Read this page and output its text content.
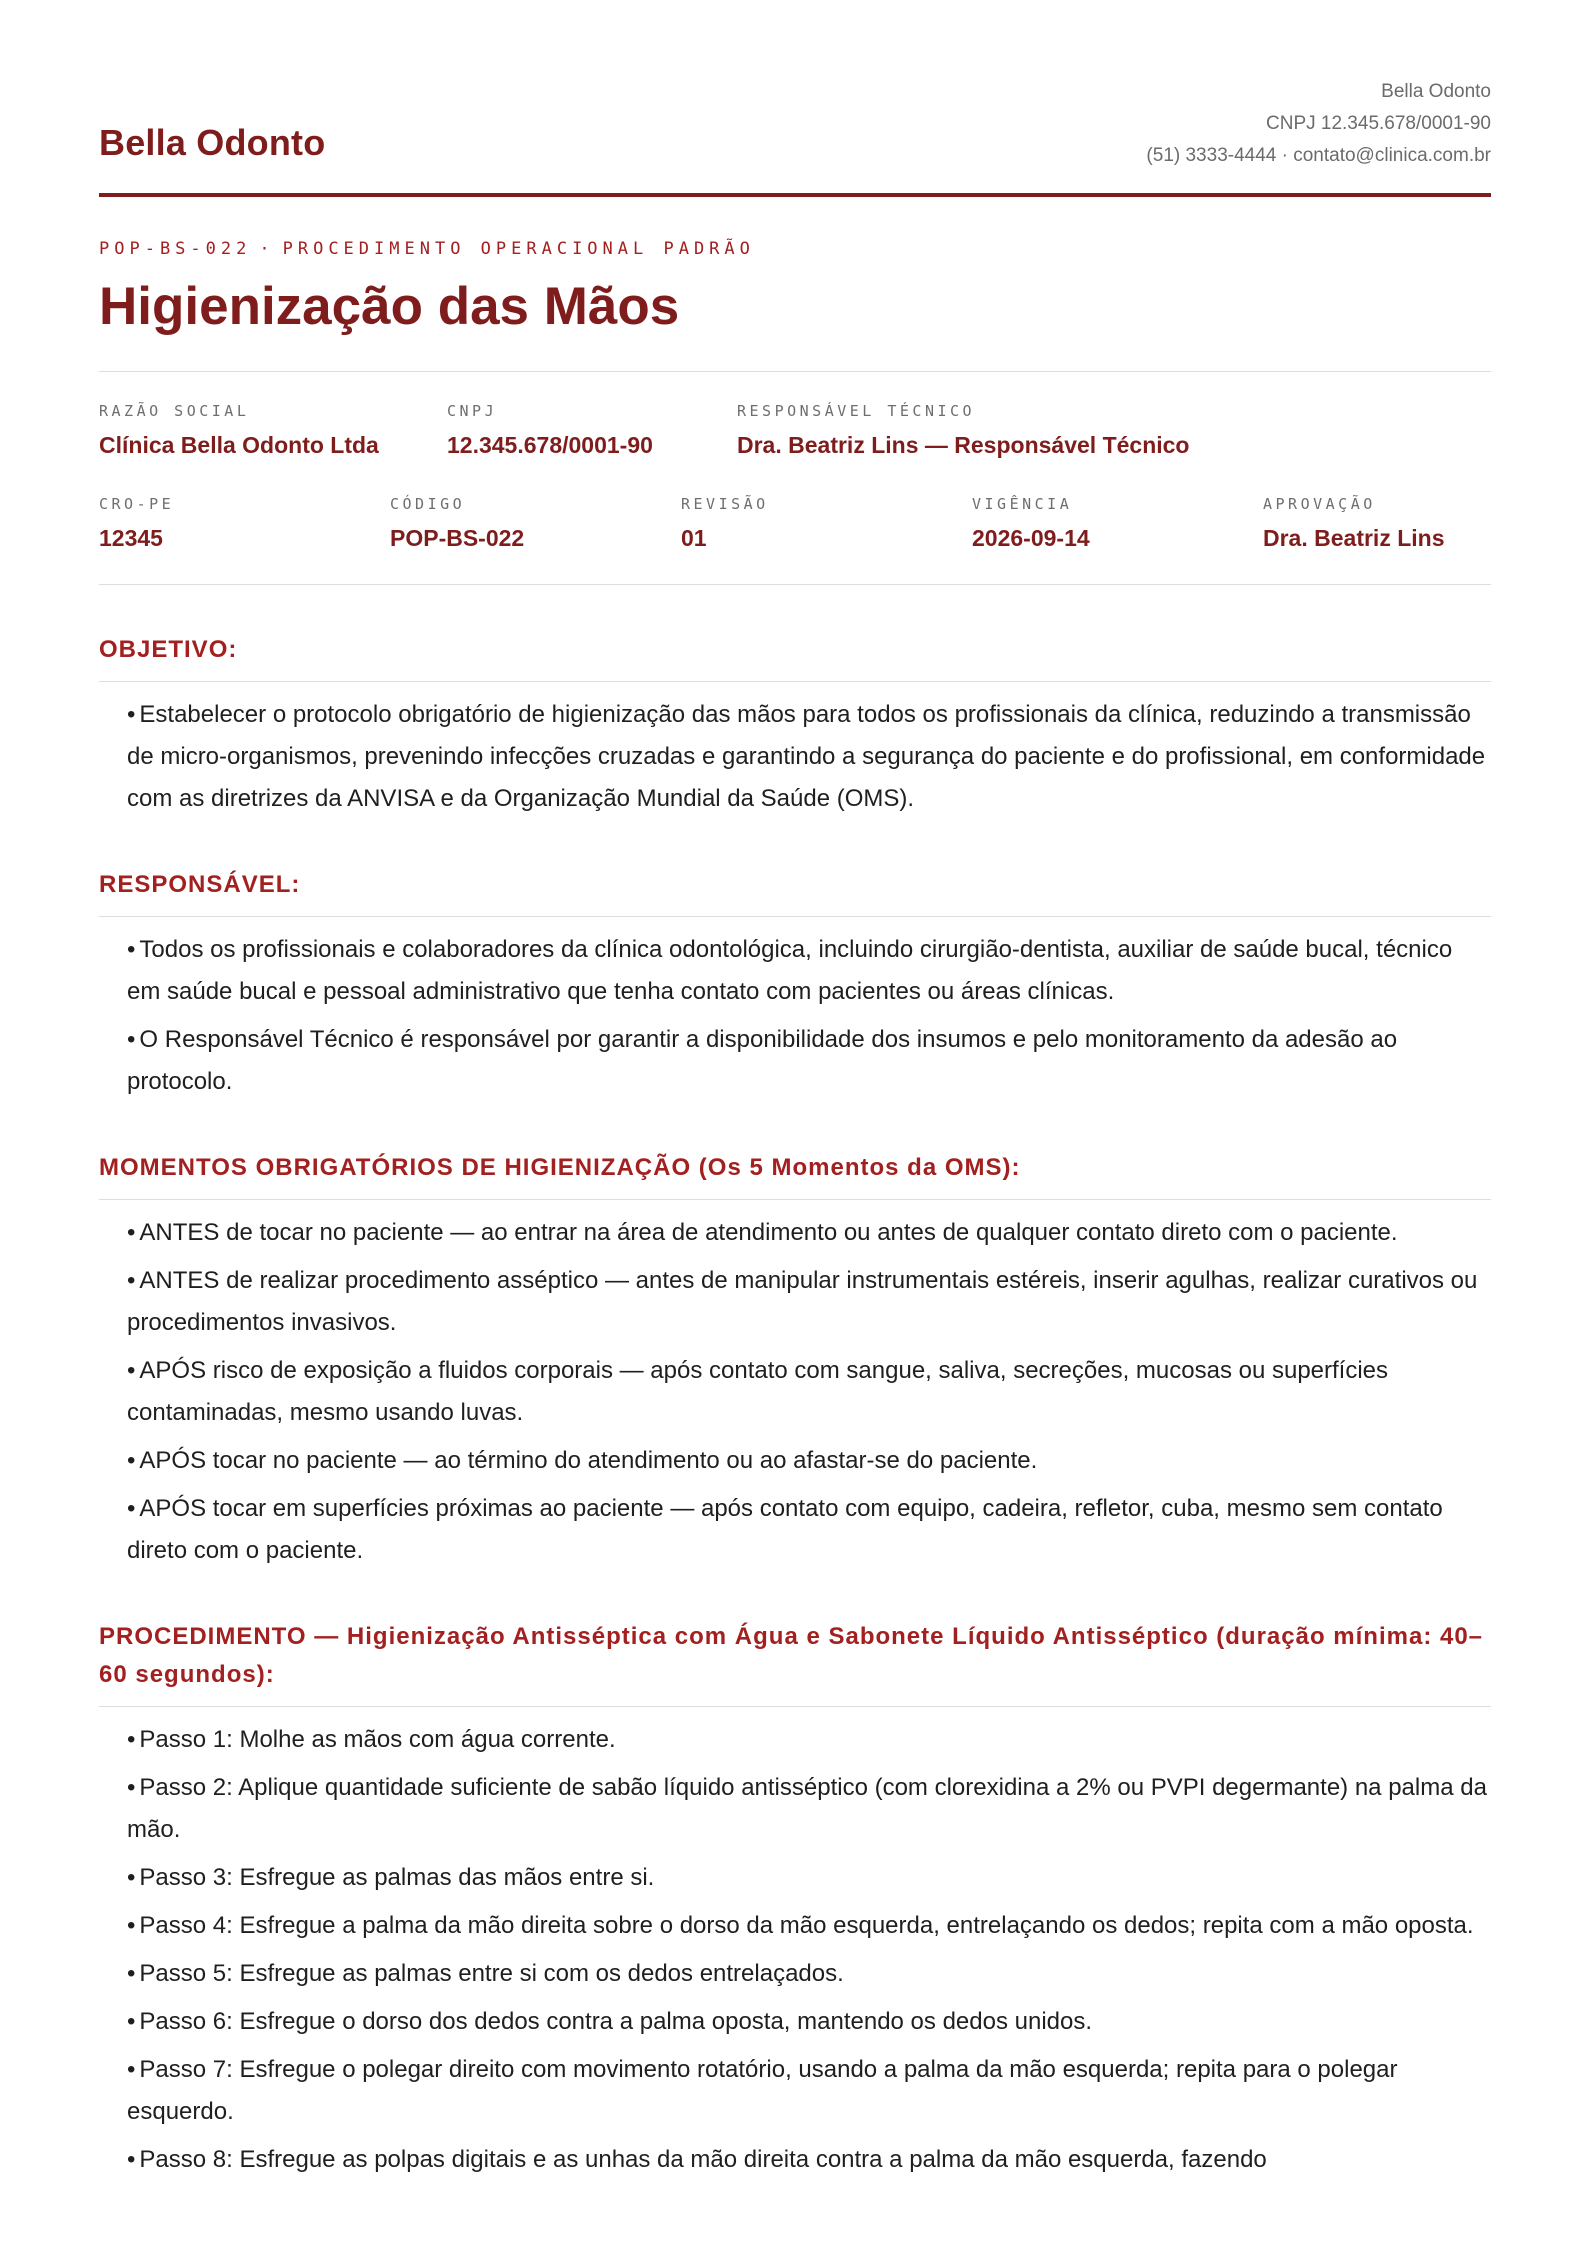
Bella Odonto
Bella Odonto
CNPJ 12.345.678/0001-90
(51) 3333-4444 · contato@clinica.com.br
POP-BS-022 · PROCEDIMENTO OPERACIONAL PADRÃO
Higienização das Mãos
RAZÃO SOCIAL
Clínica Bella Odonto Ltda
CNPJ
12.345.678/0001-90
RESPONSÁVEL TÉCNICO
Dra. Beatriz Lins — Responsável Técnico
CRO-PE
12345
CÓDIGO
POP-BS-022
REVISÃO
01
VIGÊNCIA
2026-09-14
APROVAÇÃO
Dra. Beatriz Lins
OBJETIVO:
• Estabelecer o protocolo obrigatório de higienização das mãos para todos os profissionais da clínica, reduzindo a transmissão de micro-organismos, prevenindo infecções cruzadas e garantindo a segurança do paciente e do profissional, em conformidade com as diretrizes da ANVISA e da Organização Mundial da Saúde (OMS).
RESPONSÁVEL:
• Todos os profissionais e colaboradores da clínica odontológica, incluindo cirurgião-dentista, auxiliar de saúde bucal, técnico em saúde bucal e pessoal administrativo que tenha contato com pacientes ou áreas clínicas.
• O Responsável Técnico é responsável por garantir a disponibilidade dos insumos e pelo monitoramento da adesão ao protocolo.
MOMENTOS OBRIGATÓRIOS DE HIGIENIZAÇÃO (Os 5 Momentos da OMS):
• ANTES de tocar no paciente — ao entrar na área de atendimento ou antes de qualquer contato direto com o paciente.
• ANTES de realizar procedimento asséptico — antes de manipular instrumentais estéreis, inserir agulhas, realizar curativos ou procedimentos invasivos.
• APÓS risco de exposição a fluidos corporais — após contato com sangue, saliva, secreções, mucosas ou superfícies contaminadas, mesmo usando luvas.
• APÓS tocar no paciente — ao término do atendimento ou ao afastar-se do paciente.
• APÓS tocar em superfícies próximas ao paciente — após contato com equipo, cadeira, refletor, cuba, mesmo sem contato direto com o paciente.
PROCEDIMENTO — Higienização Antisséptica com Água e Sabonete Líquido Antisséptico (duração mínima: 40–60 segundos):
• Passo 1: Molhe as mãos com água corrente.
• Passo 2: Aplique quantidade suficiente de sabão líquido antisséptico (com clorexidina a 2% ou PVPI degermante) na palma da mão.
• Passo 3: Esfregue as palmas das mãos entre si.
• Passo 4: Esfregue a palma da mão direita sobre o dorso da mão esquerda, entrelaçando os dedos; repita com a mão oposta.
• Passo 5: Esfregue as palmas entre si com os dedos entrelaçados.
• Passo 6: Esfregue o dorso dos dedos contra a palma oposta, mantendo os dedos unidos.
• Passo 7: Esfregue o polegar direito com movimento rotatório, usando a palma da mão esquerda; repita para o polegar esquerdo.
• Passo 8: Esfregue as polpas digitais e as unhas da mão direita contra a palma da mão esquerda, fazendo
